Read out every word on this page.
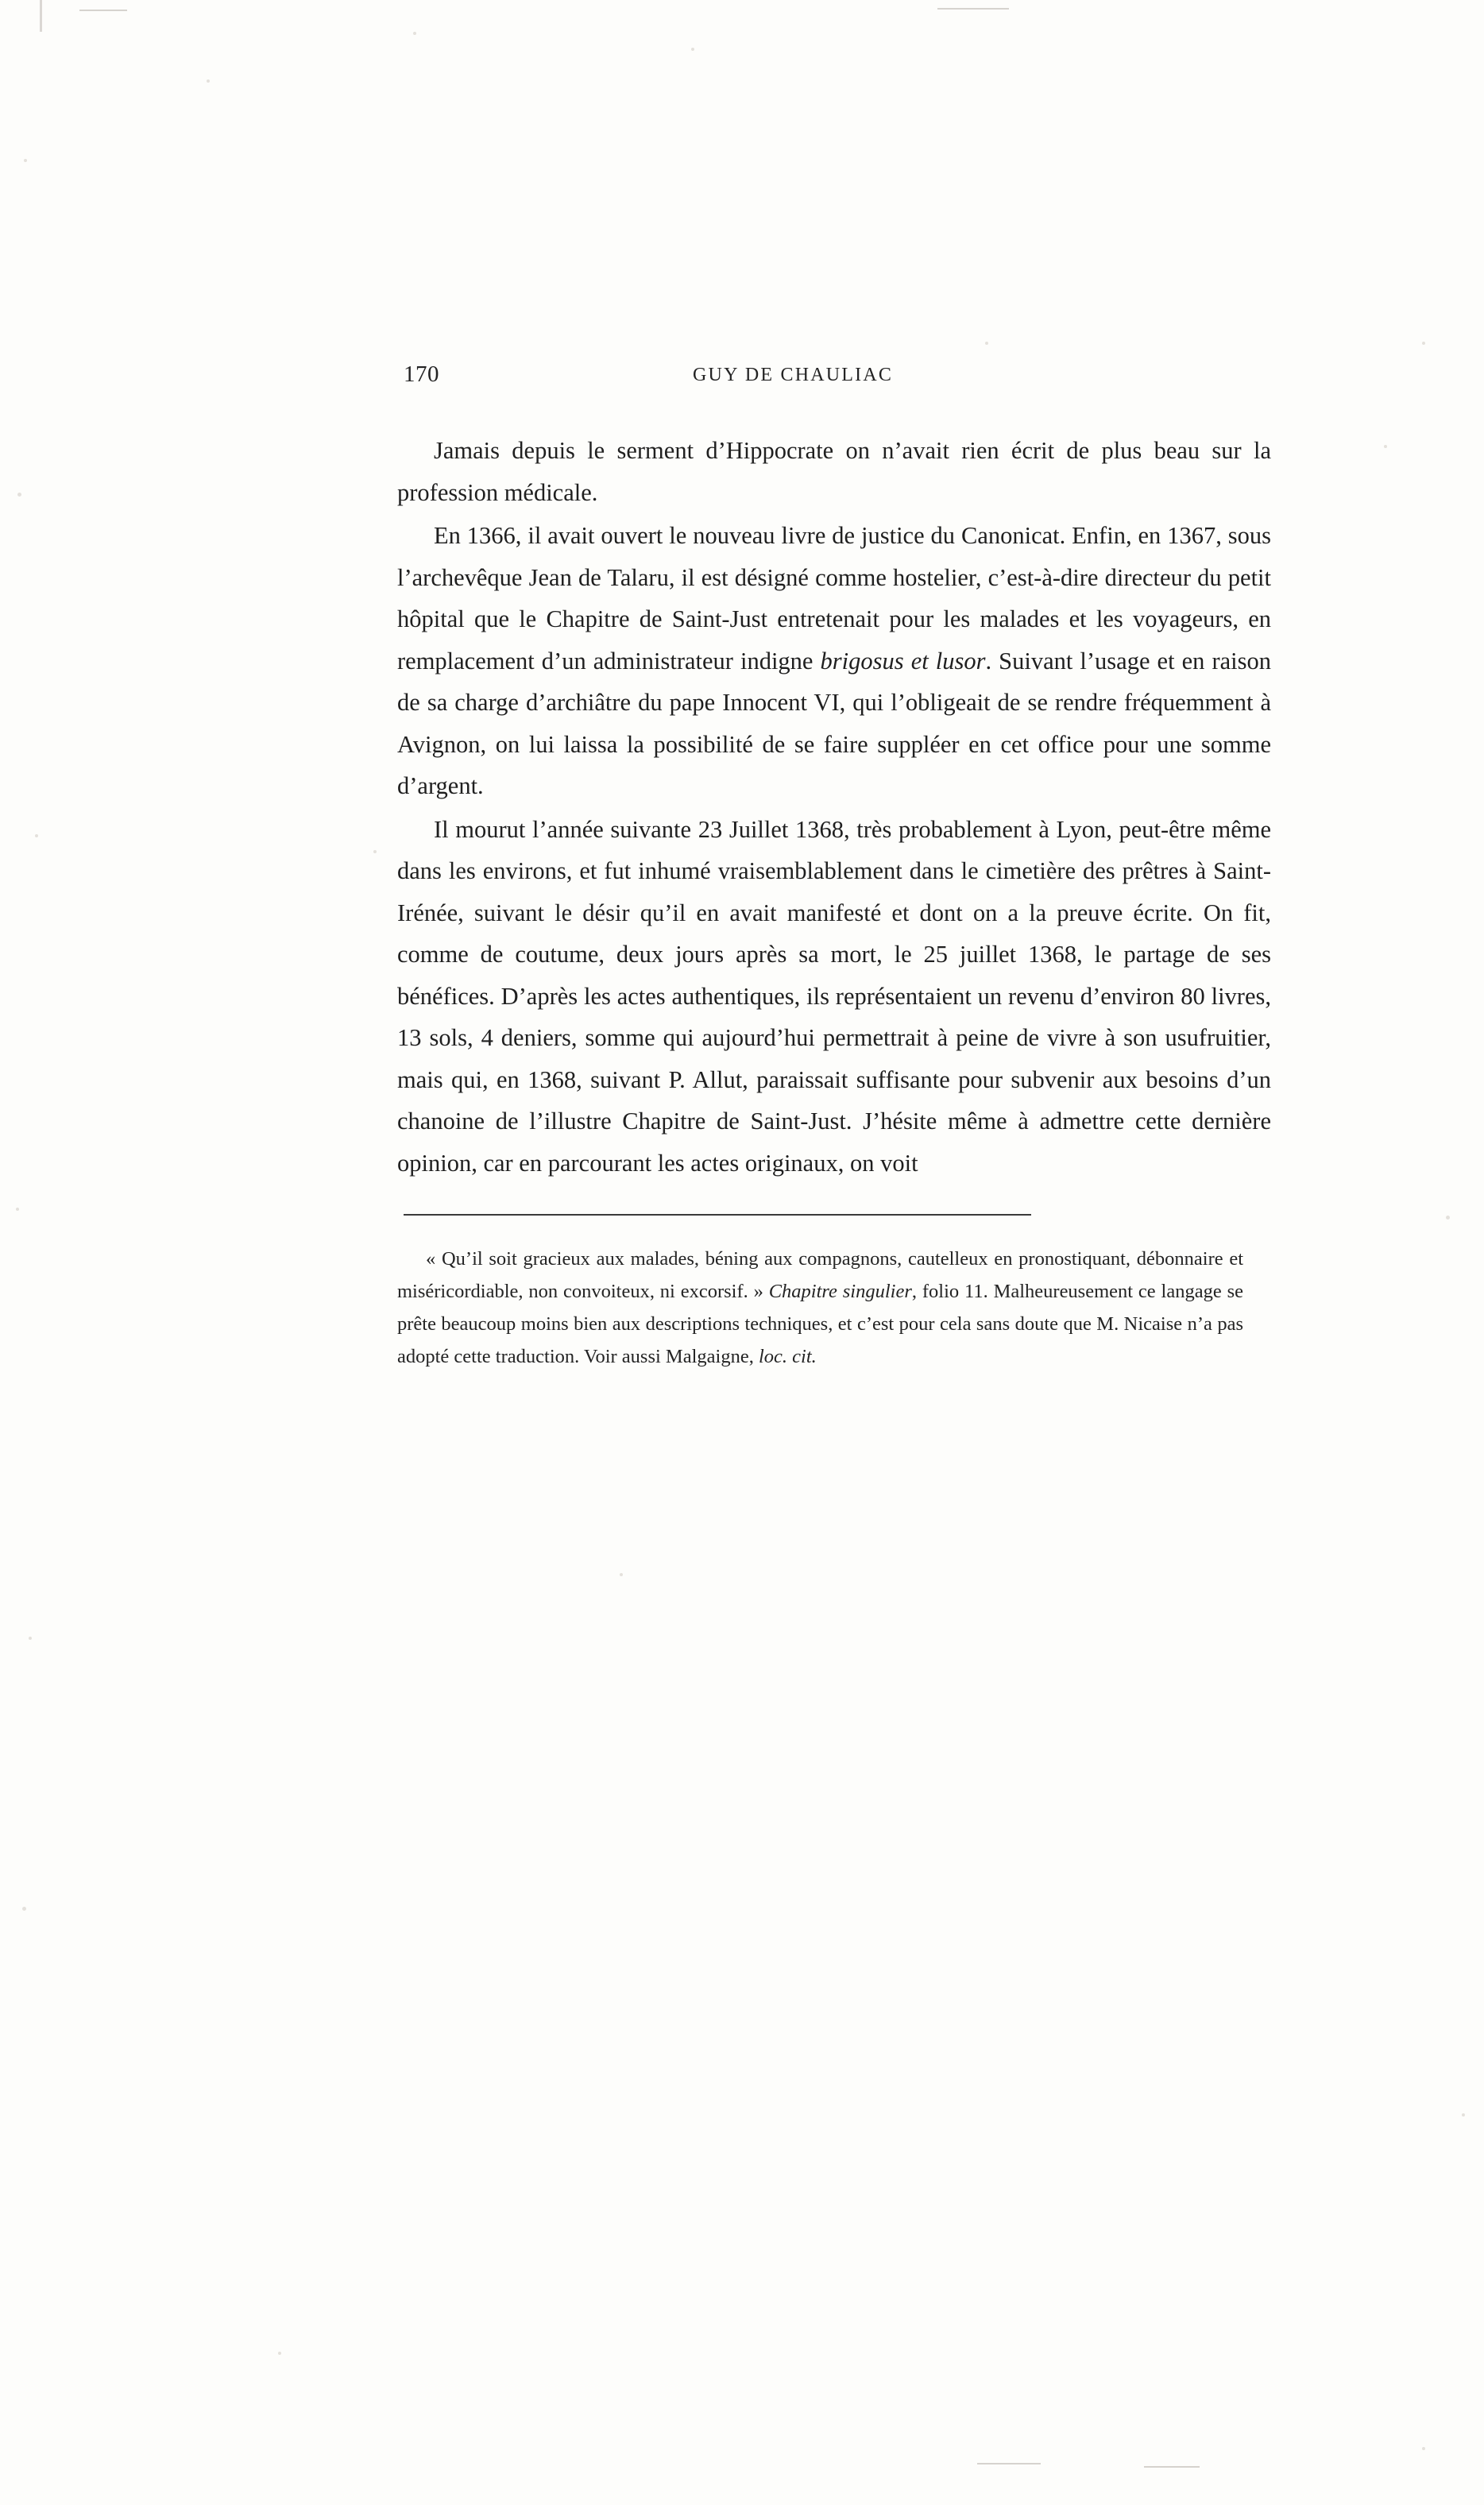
170	GUY DE CHAULIAC

Jamais depuis le serment d’Hippocrate on n’avait rien écrit de plus beau sur la profession médicale.

En 1366, il avait ouvert le nouveau livre de justice du Canonicat. Enfin, en 1367, sous l’archevêque Jean de Talaru, il est désigné comme hostelier, c’est-à-dire directeur du petit hôpital que le Chapitre de Saint-Just entretenait pour les malades et les voyageurs, en remplacement d’un administrateur indigne brigosus et lusor. Suivant l’usage et en raison de sa charge d’archiâtre du pape Innocent VI, qui l’obligeait de se rendre fréquemment à Avignon, on lui laissa la possibilité de se faire suppléer en cet office pour une somme d’argent.

Il mourut l’année suivante 23 Juillet 1368, très probablement à Lyon, peut-être même dans les environs, et fut inhumé vraisemblablement dans le cimetière des prêtres à Saint-Irénée, suivant le désir qu’il en avait manifesté et dont on a la preuve écrite. On fit, comme de coutume, deux jours après sa mort, le 25 juillet 1368, le partage de ses bénéfices. D’après les actes authentiques, ils représentaient un revenu d’environ 80 livres, 13 sols, 4 deniers, somme qui aujourd’hui permettrait à peine de vivre à son usufruitier, mais qui, en 1368, suivant P. Allut, paraissait suffisante pour subvenir aux besoins d’un chanoine de l’illustre Chapitre de Saint-Just. J’hésite même à admettre cette dernière opinion, car en parcourant les actes originaux, on voit

« Qu’il soit gracieux aux malades, béning aux compagnons, cautelleux en pronostiquant, débonnaire et miséricordiable, non convoiteux, ni excorsif. » Chapitre singulier, folio 11. Malheureusement ce langage se prête beaucoup moins bien aux descriptions techniques, et c’est pour cela sans doute que M. Nicaise n’a pas adopté cette traduction. Voir aussi Malgaigne, loc. cit.
